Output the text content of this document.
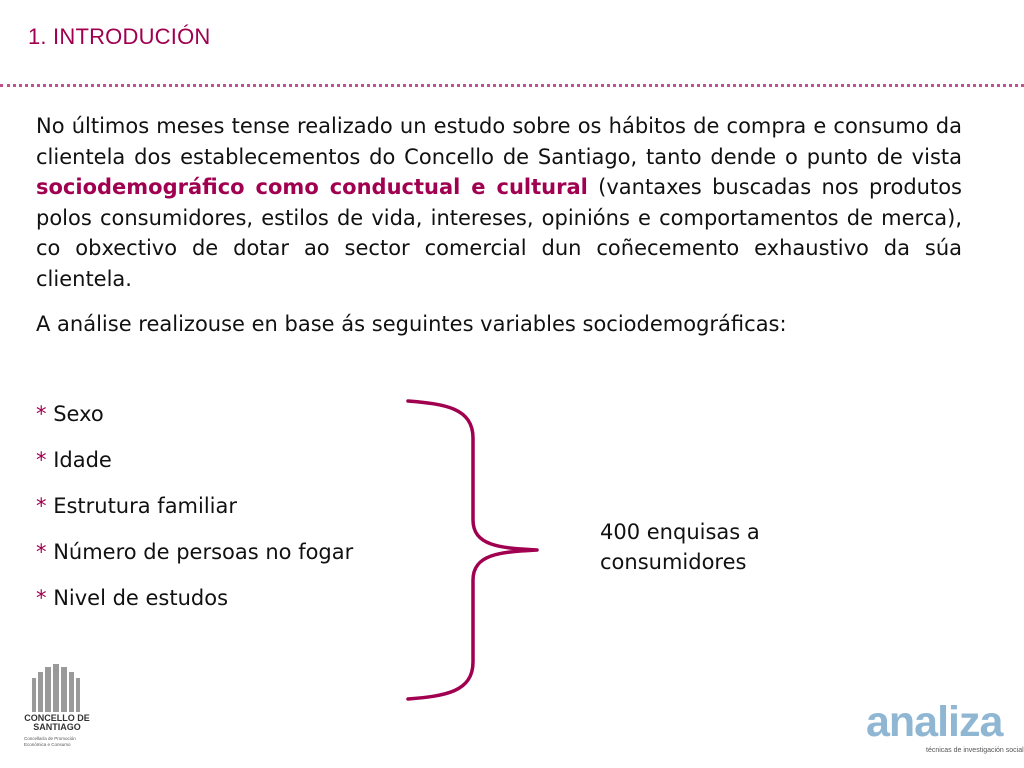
1. INTRODUCIÓN

No últimos meses tense realizado un estudo sobre os hábitos de compra e consumo da clientela dos establecementos do Concello de Santiago, tanto dende o punto de vista sociodemográfico como conductual e cultural (vantaxes buscadas nos produtos polos consumidores, estilos de vida, intereses, opinións e comportamentos de merca), co obxectivo de dotar ao sector comercial dun coñecemento exhaustivo da súa clientela.

A análise realizouse en base ás seguintes variables sociodemográficas:

* Sexo
* Idade
* Estrutura familiar
* Número de persoas no fogar
* Nivel de estudos
400 enquisas a
consumidores
CONCELLO DE
SANTIAGO
Concellaría de Promoción
Económica e Consumo	analiza
técnicas de investigación social
